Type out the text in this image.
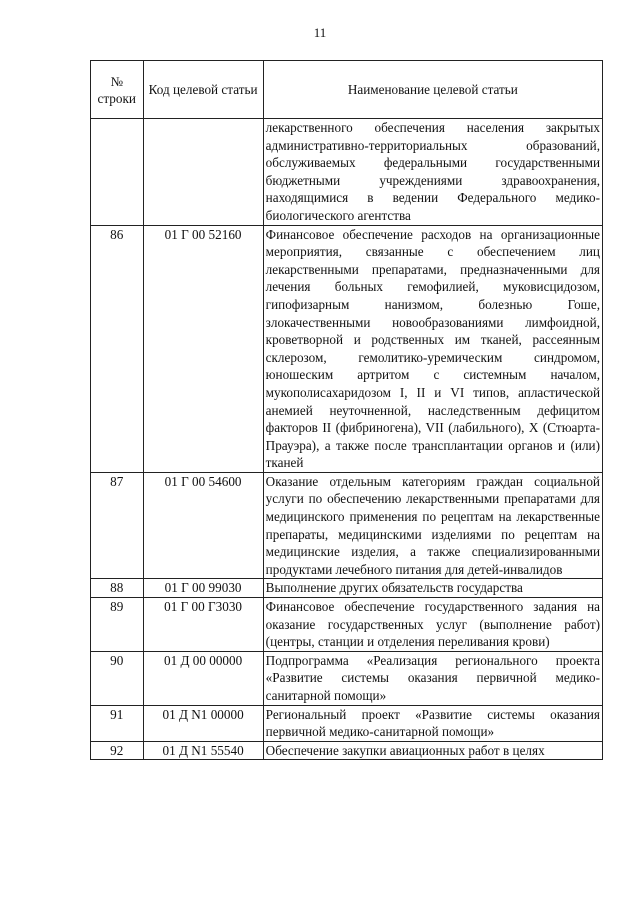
11
№ строки	Код целевой статьи	Наименование целевой статьи
		лекарственного обеспечения населения закрытых административно-территориальных образований, обслуживаемых федеральными государственными бюджетными учреждениями здравоохранения, находящимися в ведении Федерального медико-биологического агентства
86	01 Г 00 52160	Финансовое обеспечение расходов на организационные мероприятия, связанные с обеспечением лиц лекарственными препаратами, предназначенными для лечения больных гемофилией, муковисцидозом, гипофизарным нанизмом, болезнью Гоше, злокачественными новообразованиями лимфоидной, кроветворной и родственных им тканей, рассеянным склерозом, гемолитико-уремическим синдромом, юношеским артритом с системным началом, мукополисахаридозом I, II и VI типов, апластической анемией неуточненной, наследственным дефицитом факторов II (фибриногена), VII (лабильного), X (Стюарта-Прауэра), а также после трансплантации органов и (или) тканей
87	01 Г 00 54600	Оказание отдельным категориям граждан социальной услуги по обеспечению лекарственными препаратами для медицинского применения по рецептам на лекарственные препараты, медицинскими изделиями по рецептам на медицинские изделия, а также специализированными продуктами лечебного питания для детей-инвалидов
88	01 Г 00 99030	Выполнение других обязательств государства
89	01 Г 00 Г3030	Финансовое обеспечение государственного задания на оказание государственных услуг (выполнение работ) (центры, станции и отделения переливания крови)
90	01 Д 00 00000	Подпрограмма «Реализация регионального проекта «Развитие системы оказания первичной медико-санитарной помощи»
91	01 Д N1 00000	Региональный проект «Развитие системы оказания первичной медико-санитарной помощи»
92	01 Д N1 55540	Обеспечение закупки авиационных работ в целях
